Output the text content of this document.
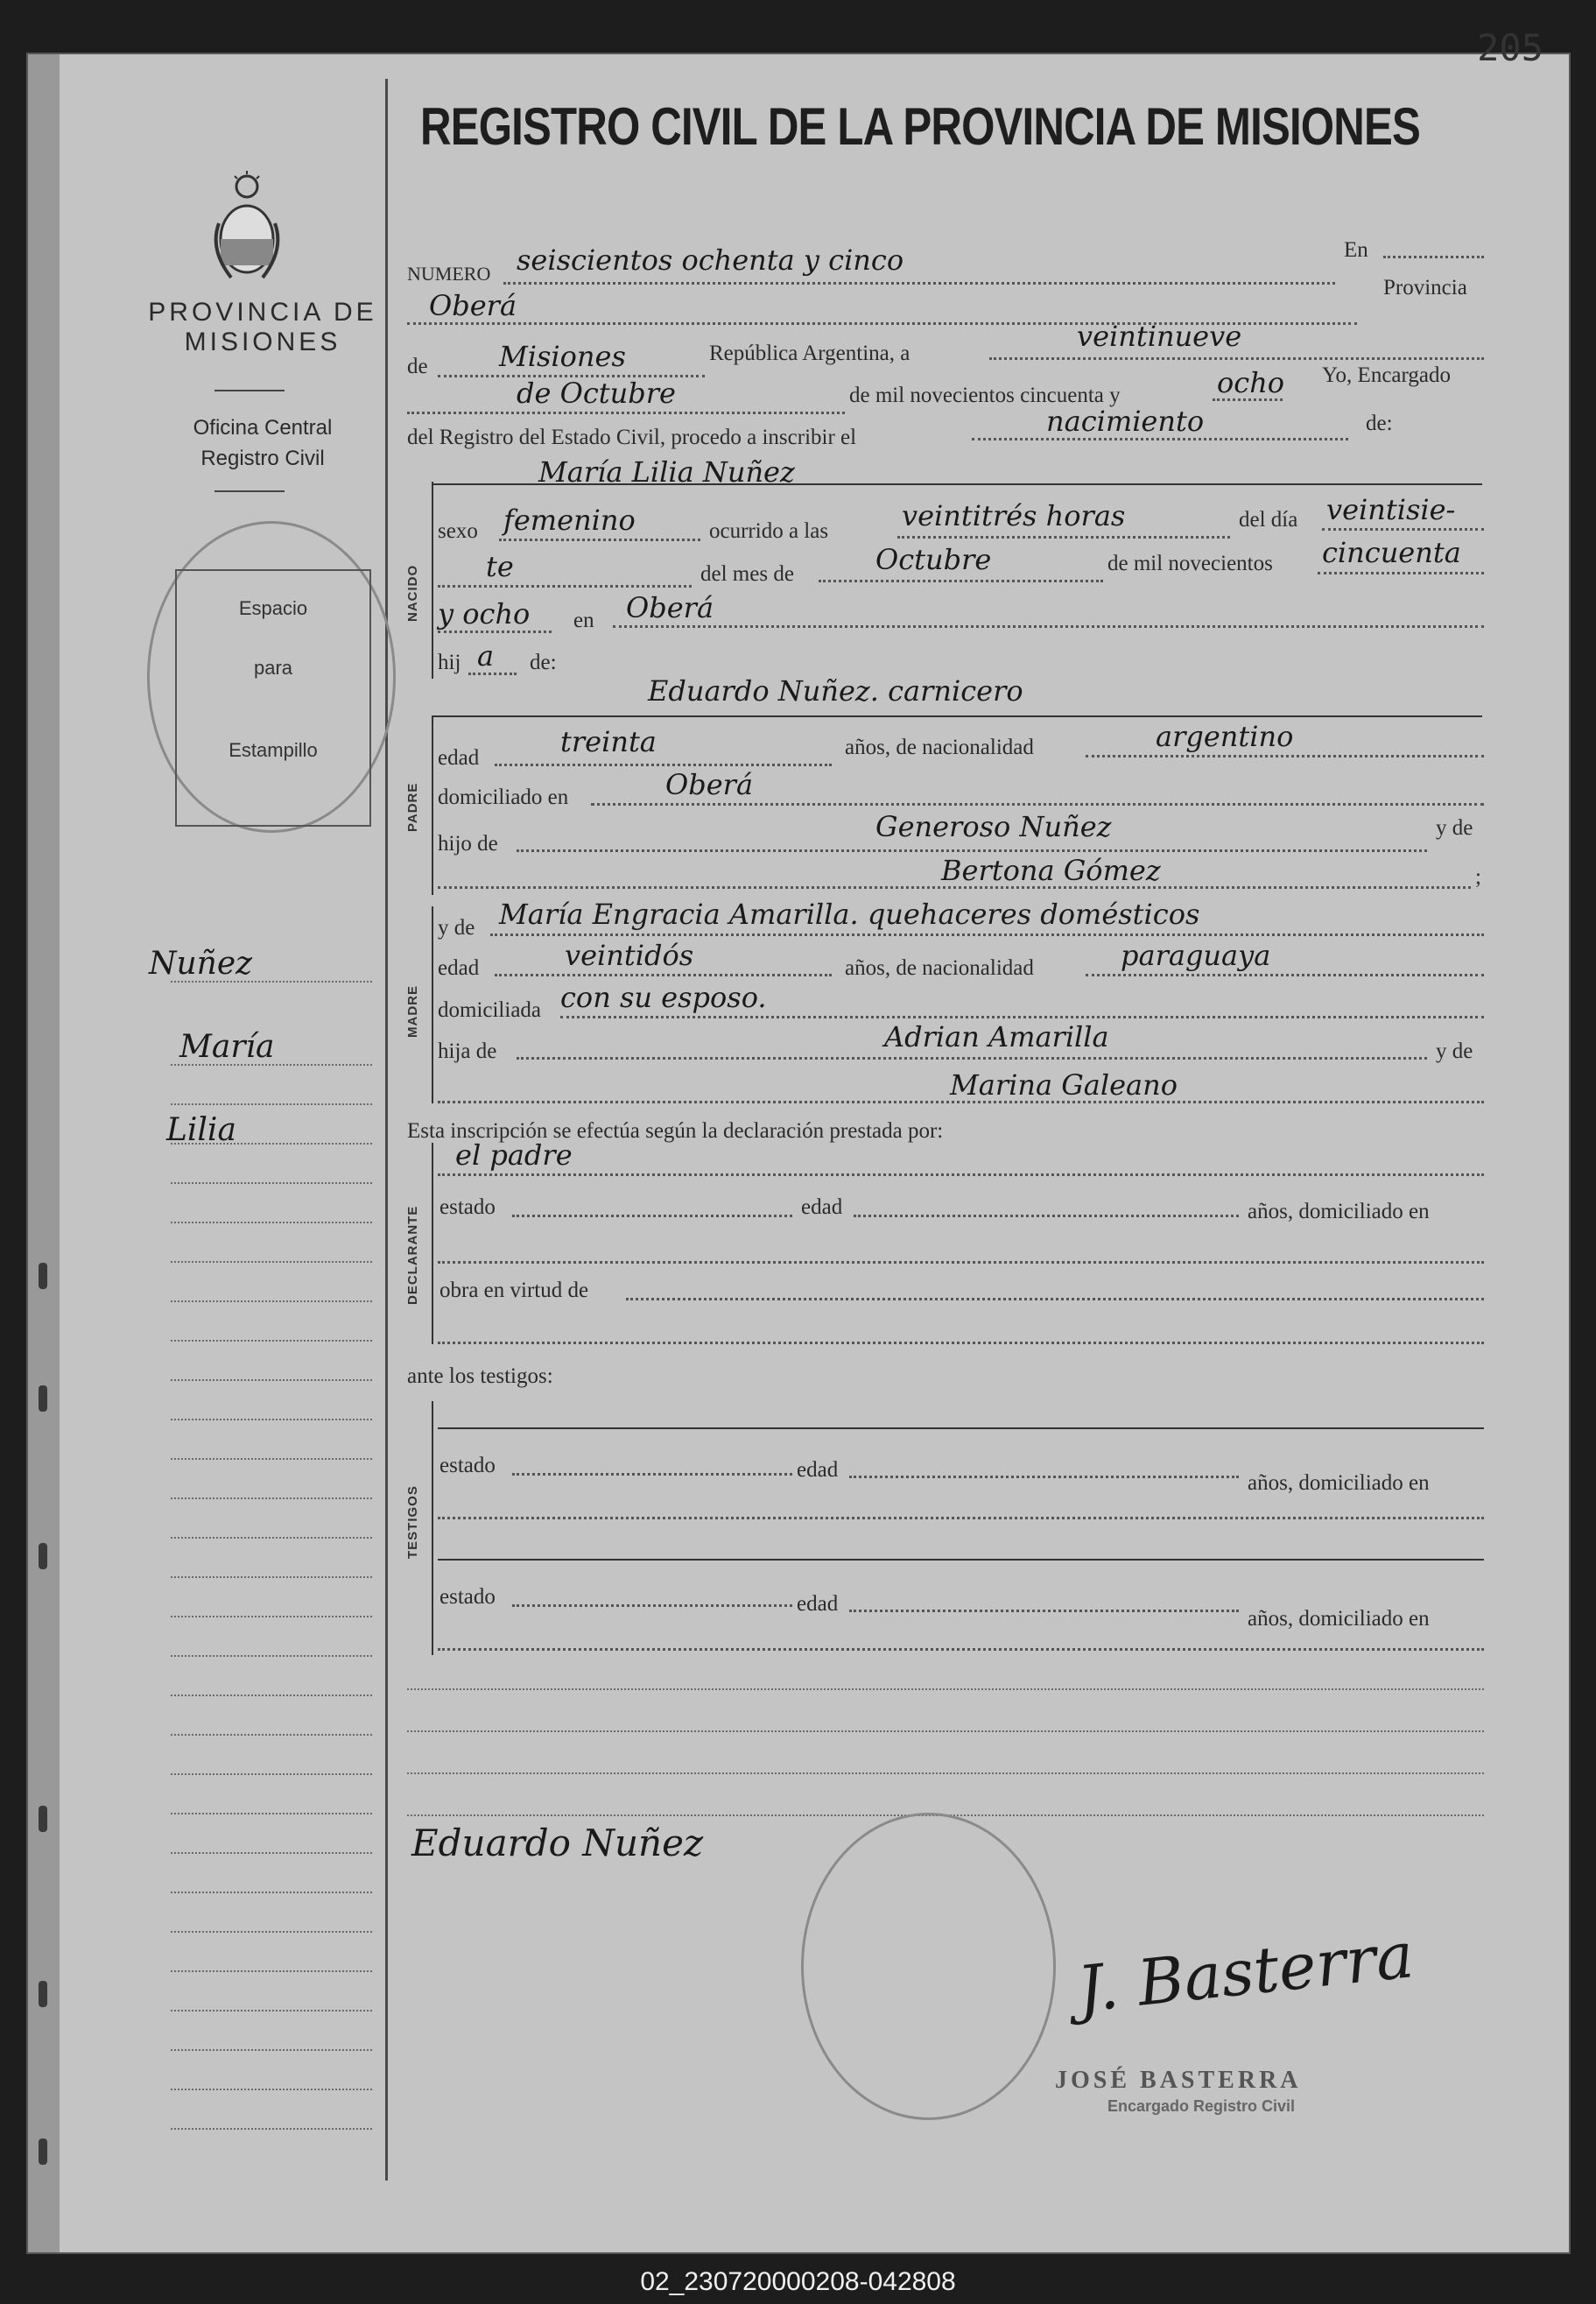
PROVINCIA DE MISIONES
Oficina Central
Registro Civil
Espacio
para
Estampillo
Nuñez
María
Lilia
205
REGISTRO CIVIL DE LA PROVINCIA DE MISIONES
NUMERO seiscientos ochenta y cinco	En
Oberá
Provincia
de	Misiones	República Argentina, a
veintinueve
de Octubre	de mil novecientos cincuenta y	ocho Yo, Encargado
del Registro del Estado Civil, procedo a inscribir el	nacimiento	de:
NACIDO
María Lilia Nuñez
sexo femenino	ocurrido a las	veintitrés horas	del día veintisie-
te	del mes de	Octubre	de mil novecientos cincuenta
y ocho en Oberá
hij a de:
Eduardo Nuñez. carnicero
PADRE
edad	treinta	años, de nacionalidad	argentino
domiciliado en	Oberá
hijo de
Generoso Nuñez	y de
Bertona Gómez	;
MADRE
y de María Engracia Amarilla. quehaceres domésticos
edad	veintidós	años, de nacionalidad	paraguaya
domiciliada con su esposo.
hija de	Adrian Amarilla	y de
Marina Galeano
Esta inscripción se efectúa según la declaración prestada por:
DECLARANTE
el padre
estado	edad	años, domiciliado en
obra en virtud de
ante los testigos:
TESTIGOS
estado	edad
años, domiciliado en
estado	edad
años, domiciliado en
Eduardo Nuñez
J. Basterra
JOSÉ BASTERRA
Encargado Registro Civil
02_230720000208-042808
